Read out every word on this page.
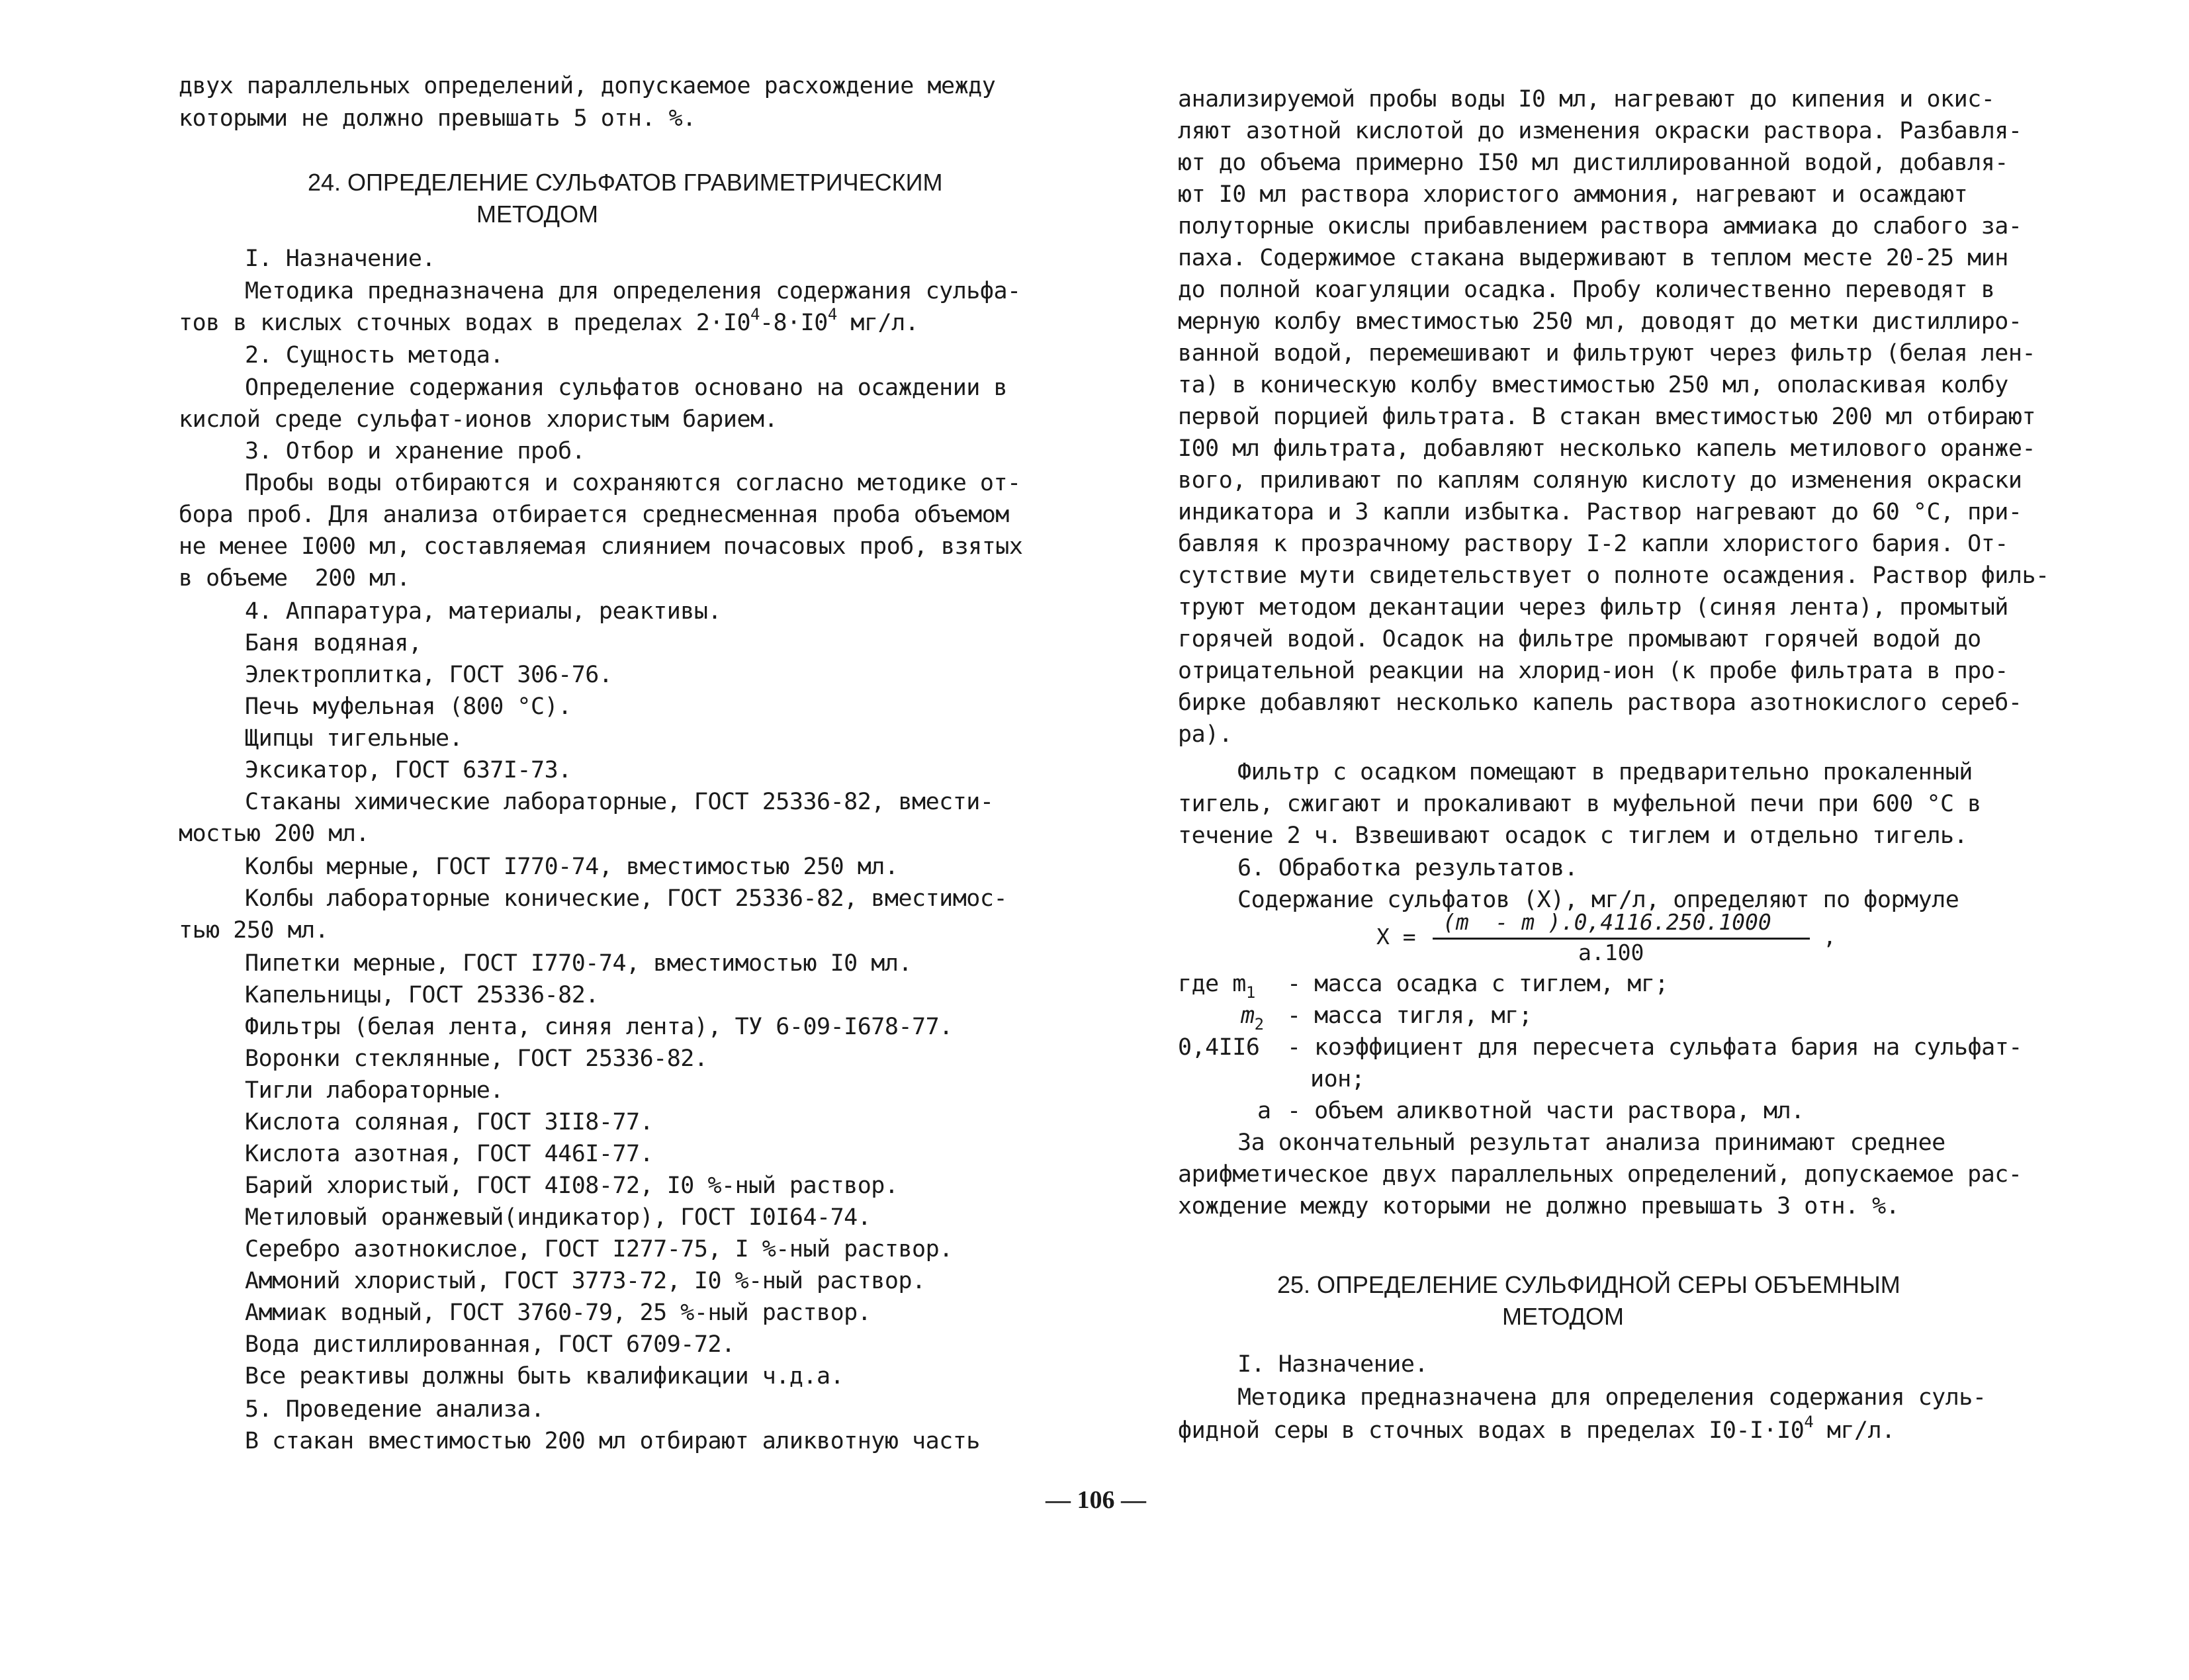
двух параллельных определений, допускаемое расхождение между
которыми не должно превышать 5 отн. %.
24. ОПРЕДЕЛЕНИЕ СУЛЬФАТОВ ГРАВИМЕТРИЧЕСКИМ
МЕТОДОМ
I. Назначение.
Методика предназначена для определения содержания сульфа-
тов в кислых сточных водах в пределах $2\cdot I0^4-8\cdot I0^4$ мг/л.
2. Сущность метода.
Определение содержания сульфатов основано на осаждении в
кислой среде сульфат-ионов хлористым барием.
3. Отбор и хранение проб.
Пробы воды отбираются и сохраняются согласно методике от-
бора проб. Для анализа отбирается среднесменная проба объемом
не менее I000 мл, составляемая слиянием почасовых проб, взятых
в объеме  200 мл.
4. Аппаратура, материалы, реактивы.
Баня водяная,
Электроплитка, ГОСТ 306-76.
Печь муфельная (800 °С).
Щипцы тигельные.
Эксикатор, ГОСТ 637I-73.
Стаканы химические лабораторные, ГОСТ 25336-82, вмести-
мостью 200 мл.
Колбы мерные, ГОСТ I770-74, вместимостью 250 мл.
Колбы лабораторные конические, ГОСТ 25336-82, вместимос-
тью 250 мл.
Пипетки мерные, ГОСТ I770-74, вместимостью I0 мл.
Капельницы, ГОСТ 25336-82.
Фильтры (белая лента, синяя лента), ТУ 6-09-I678-77.
Воронки стеклянные, ГОСТ 25336-82.
Тигли лабораторные.
Кислота соляная, ГОСТ 3II8-77.
Кислота азотная, ГОСТ 446I-77.
Барий хлористый, ГОСТ 4I08-72, I0 %-ный раствор.
Метиловый оранжевый(индикатор), ГОСТ I0I64-74.
Серебро азотнокислое, ГОСТ I277-75, I %-ный раствор.
Аммоний хлористый, ГОСТ 3773-72, I0 %-ный раствор.
Аммиак водный, ГОСТ 3760-79, 25 %-ный раствор.
Вода дистиллированная, ГОСТ 6709-72.
Все реактивы должны быть квалификации ч.д.а.
5. Проведение анализа.
В стакан вместимостью 200 мл отбирают аликвотную часть
анализируемой пробы воды I0 мл, нагревают до кипения и окис-
ляют азотной кислотой до изменения окраски раствора. Разбавля-
ют до объема примерно I50 мл дистиллированной водой, добавля-
ют I0 мл раствора хлористого аммония, нагревают и осаждают
полуторные окислы прибавлением раствора аммиака до слабого за-
паха. Содержимое стакана выдерживают в теплом месте 20-25 мин
до полной коагуляции осадка. Пробу количественно переводят в
мерную колбу вместимостью 250 мл, доводят до метки дистиллиро-
ванной водой, перемешивают и фильтруют через фильтр (белая лен-
та) в коническую колбу вместимостью 250 мл, ополаскивая колбу
первой порцией фильтрата. В стакан вместимостью 200 мл отбирают
I00 мл фильтрата, добавляют несколько капель метилового оранже-
вого, приливают по каплям соляную кислоту до изменения окраски
индикатора и 3 капли избытка. Раствор нагревают до 60 °С, при-
бавляя к прозрачному раствору I-2 капли хлористого бария. От-
сутствие мути свидетельствует о полноте осаждения. Раствор филь-
труют методом декантации через фильтр (синяя лента), промытый
горячей водой. Осадок на фильтре промывают горячей водой до
отрицательной реакции на хлорид-ион (к пробе фильтрата в про-
бирке добавляют несколько капель раствора азотнокислого сереб-
ра).
Фильтр с осадком помещают в предварительно прокаленный
тигель, сжигают и прокаливают в муфельной печи при 600 °С в
течение 2 ч. Взвешивают осадок с тиглем и отдельно тигель.
6. Обработка результатов.
Содержание сульфатов (Х), мг/л, определяют по формуле
Х =
(m  - m ).0,4116.250.1000
a.100
,
где $m_1$ - масса осадка с тиглем, мг;
$m_2$ - масса тигля, мг;
0,4II6 - коэффициент для пересчета сульфата бария на сульфат-
ион;
а - объем аликвотной части раствора, мл.
За окончательный результат анализа принимают среднее
арифметическое двух параллельных определений, допускаемое рас-
хождение между которыми не должно превышать 3 отн. %.
25. ОПРЕДЕЛЕНИЕ СУЛЬФИДНОЙ СЕРЫ ОБЪЕМНЫМ
МЕТОДОМ
I. Назначение.
Методика предназначена для определения содержания суль-
фидной серы в сточных водах в пределах $I0-I\cdot I0^4$ мг/л.
— 106 —
